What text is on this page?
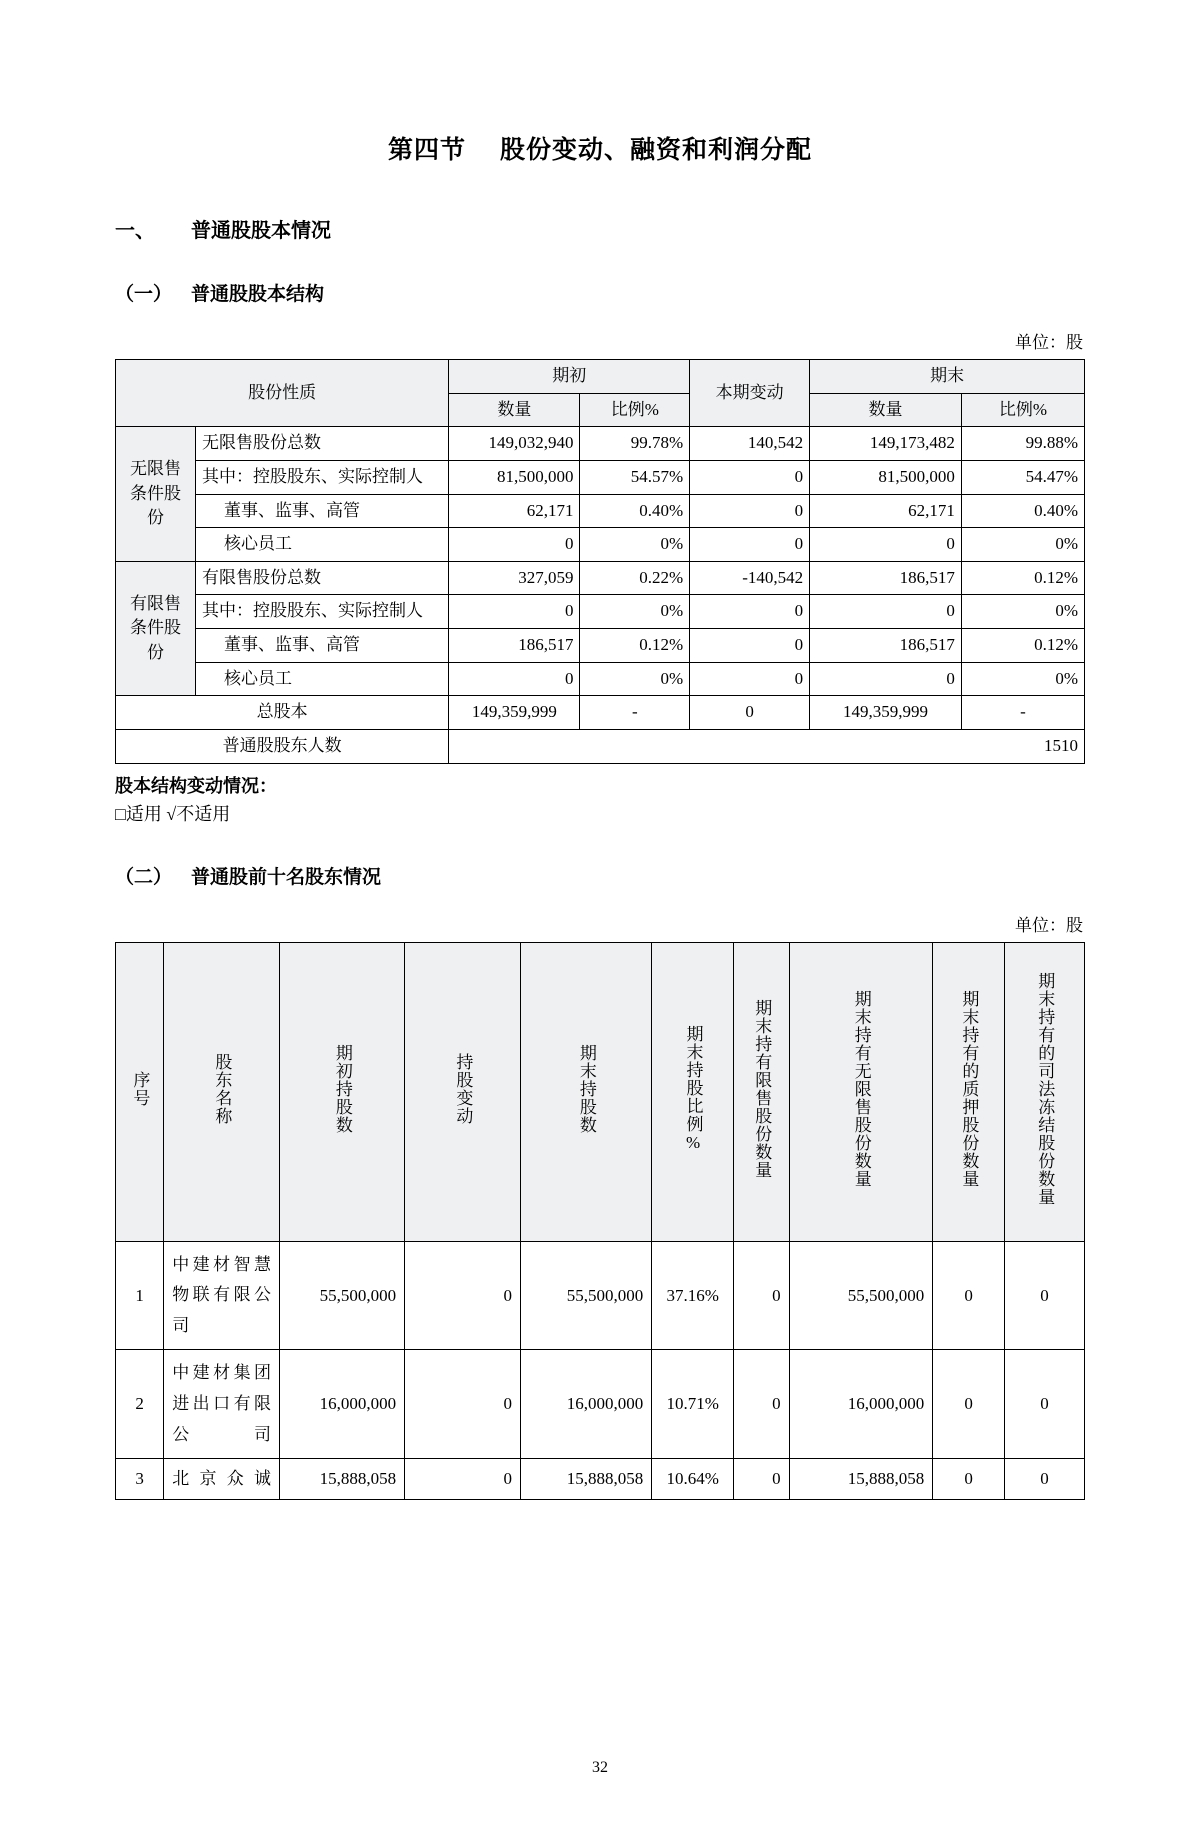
第四节 股份变动、融资和利润分配
一、 普通股股本情况
（一） 普通股股本结构
单位：股
股份性质		期初		本期变动	期末	
		数量	比例%		数量	比例%
无限售条件股份	无限售股份总数	149,032,940	99.78%	140,542	149,173,482	99.88%
	其中：控股股东、实际控制人	81,500,000	54.57%	0	81,500,000	54.47%
	董事、监事、高管	62,171	0.40%	0	62,171	0.40%
	核心员工	0	0%	0	0	0%
有限售条件股份	有限售股份总数	327,059	0.22%	-140,542	186,517	0.12%
	其中：控股股东、实际控制人	0	0%	0	0	0%
	董事、监事、高管	186,517	0.12%	0	186,517	0.12%
	核心员工	0	0%	0	0	0%
总股本		149,359,999	-	0	149,359,999	-
普通股股东人数		1510				
股本结构变动情况：
□适用 √不适用
（二） 普通股前十名股东情况
单位：股
序号	股东名称	期初持股数	持股变动	期末持股数	期末持股比例%	期末持有限售股份数量	期末持有无限售股份数量	期末持有的质押股份数量	期末持有的司法冻结股份数量
1	中建材智慧物联有限公司	55,500,000	0	55,500,000	37.16%	0	55,500,000	0	0
2	中建材集团进出口有限公司	16,000,000	0	16,000,000	10.71%	0	16,000,000	0	0
3	北京众诚	15,888,058	0	15,888,058	10.64%	0	15,888,058	0	0
32
